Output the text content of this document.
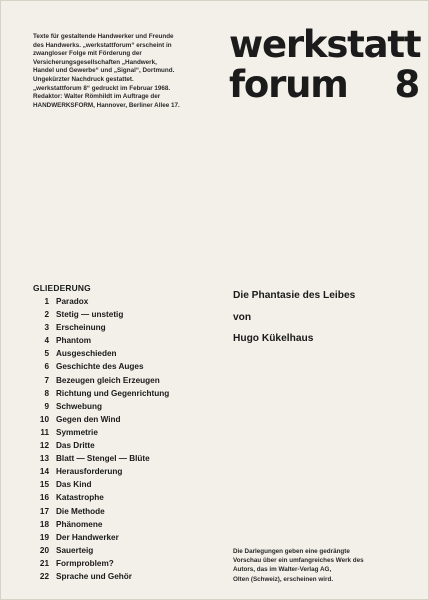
Texte für gestaltende Handwerker und Freunde
des Handwerks. „werkstattforum“ erscheint in
zwangloser Folge mit Förderung der
Versicherungsgesellschaften „Handwerk,
Handel und Gewerbe“ und „Signal“, Dortmund.
Ungekürzter Nachdruck gestattet.
„werkstattforum 8“ gedruckt im Februar 1968.
Redaktor: Walter Römhildt im Auftrage der
HANDWERKSFORM, Hannover, Berliner Allee 17.
werkstatt
forum 8
GLIEDERUNG
1 Paradox
2 Stetig — unstetig
3 Erscheinung
4 Phantom
5 Ausgeschieden
6 Geschichte des Auges
7 Bezeugen gleich Erzeugen
8 Richtung und Gegenrichtung
9 Schwebung
10 Gegen den Wind
11 Symmetrie
12 Das Dritte
13 Blatt — Stengel — Blüte
14 Herausforderung
15 Das Kind
16 Katastrophe
17 Die Methode
18 Phänomene
19 Der Handwerker
20 Sauerteig
21 Formproblem?
22 Sprache und Gehör
Die Phantasie des Leibes
von
Hugo Kükelhaus
Die Darlegungen geben eine gedrängte
Vorschau über ein umfangreiches Werk des
Autors, das im Walter-Verlag AG,
Olten (Schweiz), erscheinen wird.
